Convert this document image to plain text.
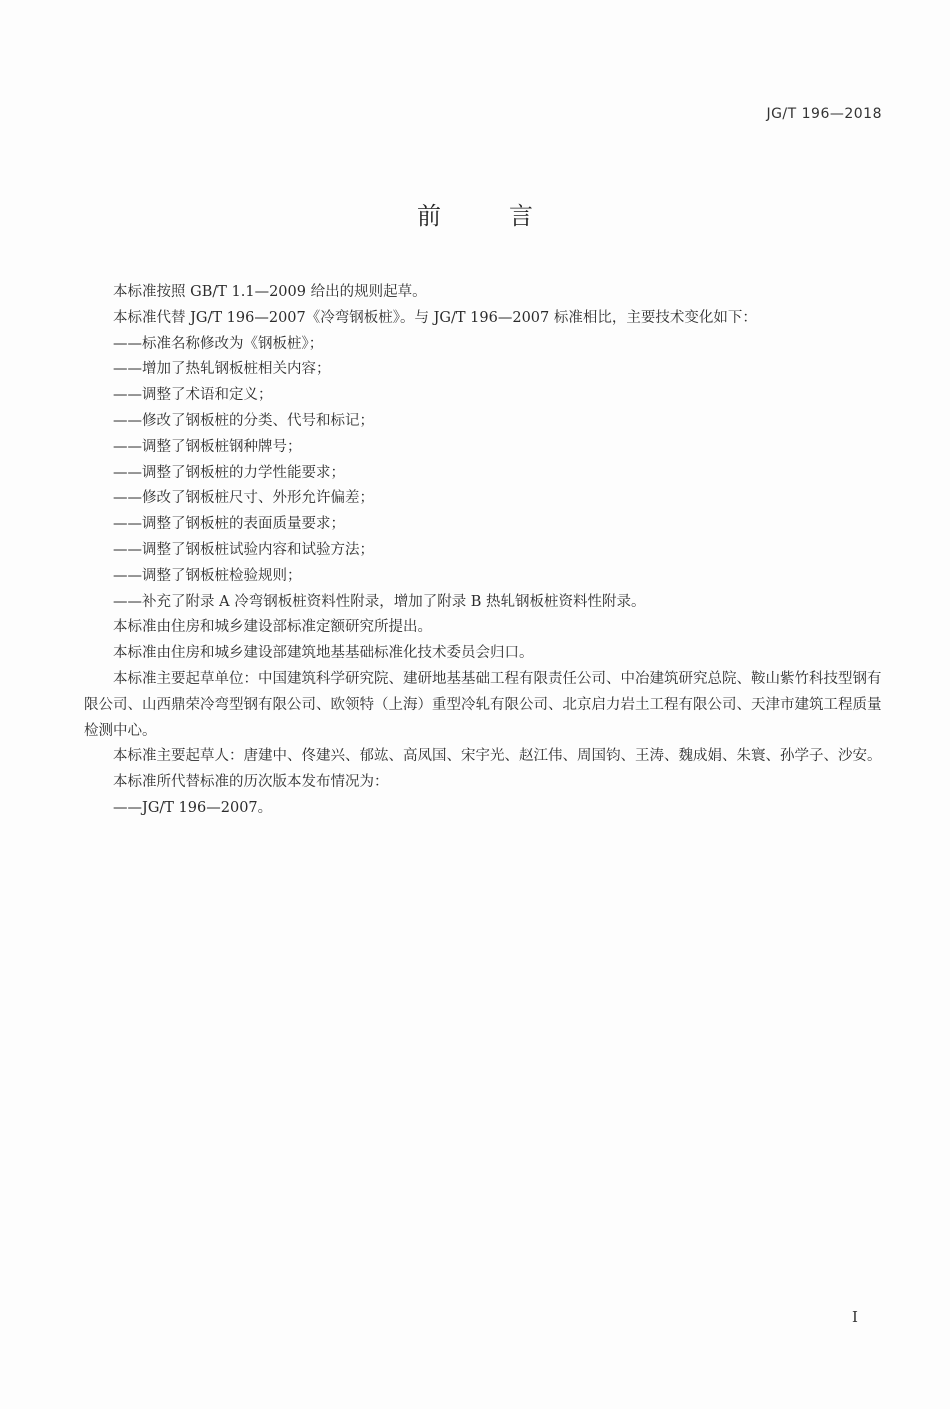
JG/T 196—2018
前言

本标准按照 GB/T 1.1—2009 给出的规则起草。

本标准代替 JG/T 196—2007《冷弯钢板桩》。与 JG/T 196—2007 标准相比，主要技术变化如下：

——标准名称修改为《钢板桩》；

——增加了热轧钢板桩相关内容；

——调整了术语和定义；

——修改了钢板桩的分类、代号和标记；

——调整了钢板桩钢种牌号；

——调整了钢板桩的力学性能要求；

——修改了钢板桩尺寸、外形允许偏差；

——调整了钢板桩的表面质量要求；

——调整了钢板桩试验内容和试验方法；

——调整了钢板桩检验规则；

——补充了附录 A 冷弯钢板桩资料性附录，增加了附录 B 热轧钢板桩资料性附录。

本标准由住房和城乡建设部标准定额研究所提出。

本标准由住房和城乡建设部建筑地基基础标准化技术委员会归口。

本标准主要起草单位：中国建筑科学研究院、建研地基基础工程有限责任公司、中冶建筑研究总院、鞍山紫竹科技型钢有限公司、山西鼎荣冷弯型钢有限公司、欧领特（上海）重型冷轧有限公司、北京启力岩土工程有限公司、天津市建筑工程质量检测中心。

本标准主要起草人：唐建中、佟建兴、郁竑、高凤国、宋宇光、赵江伟、周国钧、王涛、魏成娟、朱寰、孙学子、沙安。

本标准所代替标准的历次版本发布情况为：

——JG/T 196—2007。

I
